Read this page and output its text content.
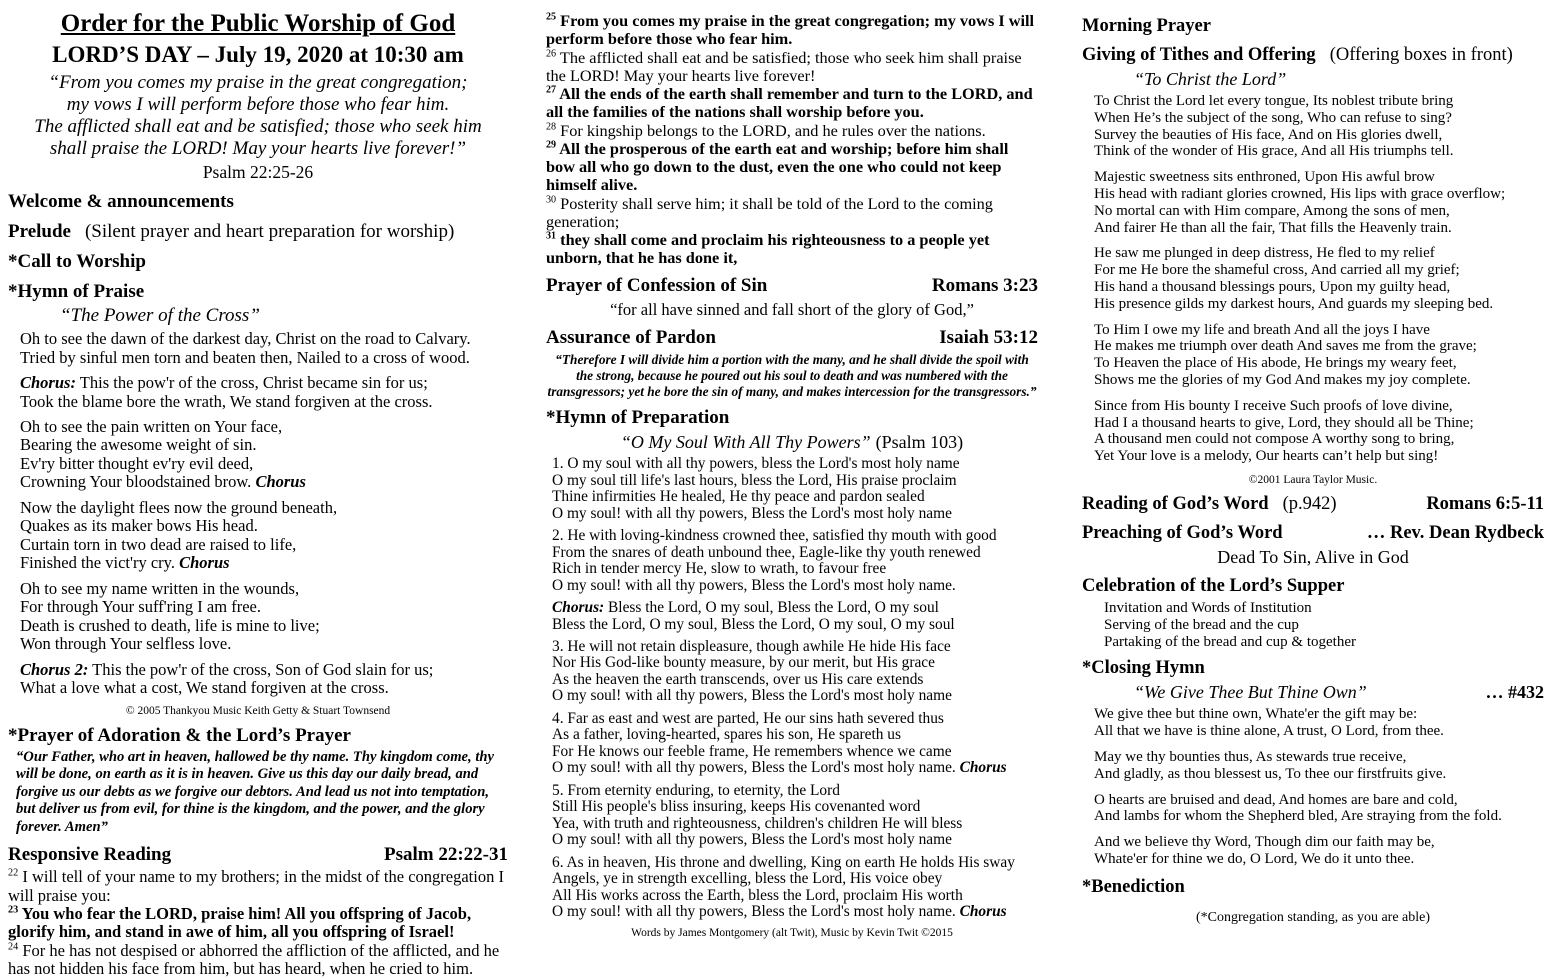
Order for the Public Worship of God
LORD’S DAY – July 19, 2020 at 10:30 am
“From you comes my praise in the great congregation;
my vows I will perform before those who fear him.
The afflicted shall eat and be satisfied; those who seek him
shall praise the LORD! May your hearts live forever!”
Psalm 22:25-26
Welcome & announcements
Prelude (Silent prayer and heart preparation for worship)
*Call to Worship
*Hymn of Praise
“The Power of the Cross”

Oh to see the dawn of the darkest day, Christ on the road to Calvary.

Tried by sinful men torn and beaten then, Nailed to a cross of wood.

Chorus: This the pow'r of the cross, Christ became sin for us;

Took the blame bore the wrath, We stand forgiven at the cross.

Oh to see the pain written on Your face,

Bearing the awesome weight of sin.

Ev'ry bitter thought ev'ry evil deed,

Crowning Your bloodstained brow. Chorus

Now the daylight flees now the ground beneath,

Quakes as its maker bows His head.

Curtain torn in two dead are raised to life,

Finished the vict'ry cry. Chorus

Oh to see my name written in the wounds,

For through Your suff'ring I am free.

Death is crushed to death, life is mine to live;

Won through Your selfless love.

Chorus 2: This the pow'r of the cross, Son of God slain for us;

What a love what a cost, We stand forgiven at the cross.

© 2005 Thankyou Music Keith Getty & Stuart Townsend
*Prayer of Adoration & the Lord’s Prayer
“Our Father, who art in heaven, hallowed be thy name. Thy kingdom come, thy will be done, on earth as it is in heaven. Give us this day our daily bread, and forgive us our debts as we forgive our debtors. And lead us not into temptation, but deliver us from evil, for thine is the kingdom, and the power, and the glory forever. Amen”
Responsive Reading	Psalm 22:22-31

$^{22}$ I will tell of your name to my brothers; in the midst of the congregation I will praise you:

$^{23}$ You who fear the LORD, praise him! All you offspring of Jacob, glorify him, and stand in awe of him, all you offspring of Israel!

$^{24}$ For he has not despised or abhorred the affliction of the afflicted, and he has not hidden his face from him, but has heard, when he cried to him.

$^{25}$ From you comes my praise in the great congregation; my vows I will perform before those who fear him.

$^{26}$ The afflicted shall eat and be satisfied; those who seek him shall praise the LORD! May your hearts live forever!

$^{27}$ All the ends of the earth shall remember and turn to the LORD, and all the families of the nations shall worship before you.

$^{28}$ For kingship belongs to the LORD, and he rules over the nations.

$^{29}$ All the prosperous of the earth eat and worship; before him shall bow all who go down to the dust, even the one who could not keep himself alive.

$^{30}$ Posterity shall serve him; it shall be told of the Lord to the coming generation;

$^{31}$ they shall come and proclaim his righteousness to a people yet unborn, that he has done it,

Prayer of Confession of Sin	Romans 3:23
“for all have sinned and fall short of the glory of God,”
Assurance of Pardon	Isaiah 53:12
“Therefore I will divide him a portion with the many, and he shall divide the spoil with the strong, because he poured out his soul to death and was numbered with the transgressors; yet he bore the sin of many, and makes intercession for the transgressors.”
*Hymn of Preparation
“O My Soul With All Thy Powers” (Psalm 103)

1. O my soul with all thy powers, bless the Lord's most holy name

O my soul till life's last hours, bless the Lord, His praise proclaim

Thine infirmities He healed, He thy peace and pardon sealed

O my soul! with all thy powers, Bless the Lord's most holy name

2. He with loving-kindness crowned thee, satisfied thy mouth with good

From the snares of death unbound thee, Eagle-like thy youth renewed

Rich in tender mercy He, slow to wrath, to favour free

O my soul! with all thy powers, Bless the Lord's most holy name.

Chorus: Bless the Lord, O my soul, Bless the Lord, O my soul

Bless the Lord, O my soul, Bless the Lord, O my soul, O my soul

3. He will not retain displeasure, though awhile He hide His face

Nor His God-like bounty measure, by our merit, but His grace

As the heaven the earth transcends, over us His care extends

O my soul! with all thy powers, Bless the Lord's most holy name

4. Far as east and west are parted, He our sins hath severed thus

As a father, loving-hearted, spares his son, He spareth us

For He knows our feeble frame, He remembers whence we came

O my soul! with all thy powers, Bless the Lord's most holy name. Chorus

5. From eternity enduring, to eternity, the Lord

Still His people's bliss insuring, keeps His covenanted word

Yea, with truth and righteousness, children's children He will bless

O my soul! with all thy powers, Bless the Lord's most holy name

6. As in heaven, His throne and dwelling, King on earth He holds His sway

Angels, ye in strength excelling, bless the Lord, His voice obey

All His works across the Earth, bless the Lord, proclaim His worth

O my soul! with all thy powers, Bless the Lord's most holy name. Chorus

Words by James Montgomery (alt Twit), Music by Kevin Twit ©2015
Morning Prayer
Giving of Tithes and Offering (Offering boxes in front)
“To Christ the Lord”

To Christ the Lord let every tongue, Its noblest tribute bring

When He’s the subject of the song, Who can refuse to sing?

Survey the beauties of His face, And on His glories dwell,

Think of the wonder of His grace, And all His triumphs tell.

Majestic sweetness sits enthroned, Upon His awful brow

His head with radiant glories crowned, His lips with grace overflow;

No mortal can with Him compare, Among the sons of men,

And fairer He than all the fair, That fills the Heavenly train.

He saw me plunged in deep distress, He fled to my relief

For me He bore the shameful cross, And carried all my grief;

His hand a thousand blessings pours, Upon my guilty head,

His presence gilds my darkest hours, And guards my sleeping bed.

To Him I owe my life and breath And all the joys I have

He makes me triumph over death And saves me from the grave;

To Heaven the place of His abode, He brings my weary feet,

Shows me the glories of my God And makes my joy complete.

Since from His bounty I receive Such proofs of love divine,

Had I a thousand hearts to give, Lord, they should all be Thine;

A thousand men could not compose A worthy song to bring,

Yet Your love is a melody, Our hearts can’t help but sing!

©2001 Laura Taylor Music.
Reading of God’s Word (p.942)	Romans 6:5-11
Preaching of God’s Word	… Rev. Dean Rydbeck
Dead To Sin, Alive in God
Celebration of the Lord’s Supper

Invitation and Words of Institution

Serving of the bread and the cup

Partaking of the bread and cup & together

*Closing Hymn
“We Give Thee But Thine Own”	… #432

We give thee but thine own, Whate'er the gift may be:

All that we have is thine alone, A trust, O Lord, from thee.

May we thy bounties thus, As stewards true receive,

And gladly, as thou blessest us, To thee our firstfruits give.

O hearts are bruised and dead, And homes are bare and cold,

And lambs for whom the Shepherd bled, Are straying from the fold.

And we believe thy Word, Though dim our faith may be,

Whate'er for thine we do, O Lord, We do it unto thee.

*Benediction
(*Congregation standing, as you are able)
